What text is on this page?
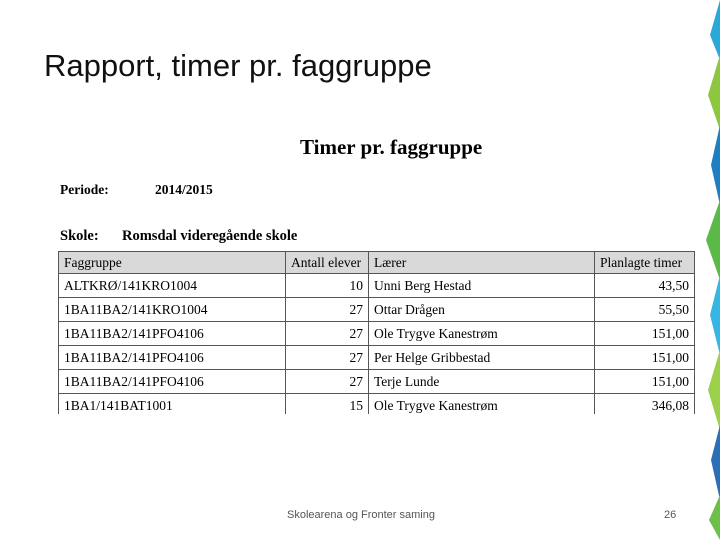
Rapport, timer pr. faggruppe
Timer pr. faggruppe
Periode:	2014/2015
Skole: Romsdal videregående skole
Faggruppe	Antall elever	Lærer	Planlagte timer
ALTKRØ/141KRO1004	10	Unni Berg Hestad	43,50
1BA11BA2/141KRO1004	27	Ottar Drågen	55,50
1BA11BA2/141PFO4106	27	Ole Trygve Kanestrøm	151,00
1BA11BA2/141PFO4106	27	Per Helge Gribbestad	151,00
1BA11BA2/141PFO4106	27	Terje Lunde	151,00
1BA1/141BAT1001	15	Ole Trygve Kanestrøm	346,08
Skolearena og Fronter saming	26
